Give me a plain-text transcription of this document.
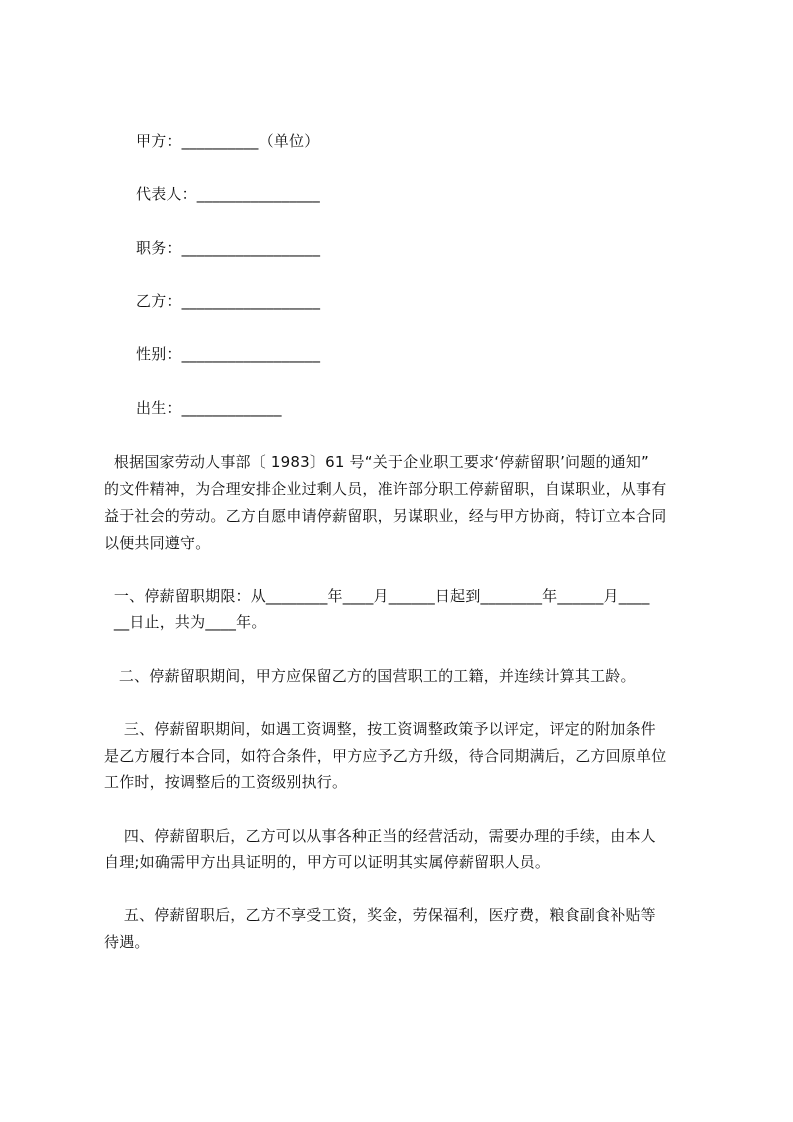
甲方：__________（单位）
代表人：________________
职务：__________________
乙方：__________________
性别：__________________
出生：_____________
根据国家劳动人事部〔 1983〕61 号“关于企业职工要求‘停薪留职’问题的通知”
的文件精神，为合理安排企业过剩人员，准许部分职工停薪留职，自谋职业，从事有
益于社会的劳动。乙方自愿申请停薪留职，另谋职业，经与甲方协商，特订立本合同
以便共同遵守。
一、停薪留职期限：从________年____月______日起到________年______月____
__日止，共为____年。
二、停薪留职期间，甲方应保留乙方的国营职工的工籍，并连续计算其工龄。
三、停薪留职期间，如遇工资调整，按工资调整政策予以评定，评定的附加条件
是乙方履行本合同，如符合条件，甲方应予乙方升级，待合同期满后，乙方回原单位
工作时，按调整后的工资级别执行。
四、停薪留职后，乙方可以从事各种正当的经营活动，需要办理的手续，由本人
自理;如确需甲方出具证明的，甲方可以证明其实属停薪留职人员。
五、停薪留职后，乙方不享受工资，奖金，劳保福利，医疗费，粮食副食补贴等
待遇。
